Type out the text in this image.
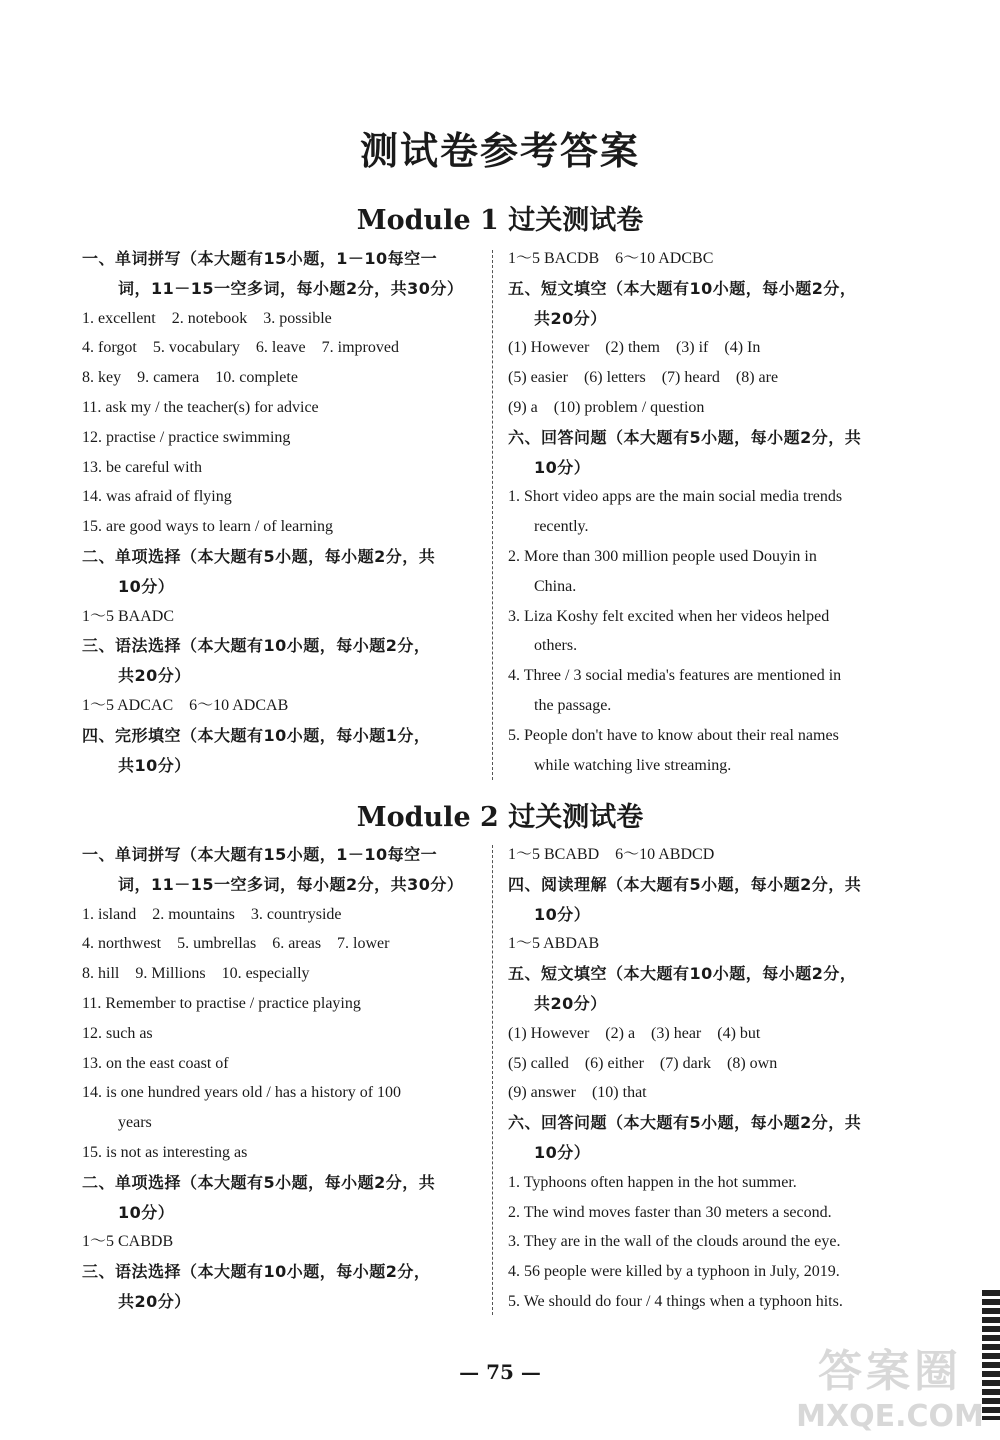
测试卷参考答案
Module 1 过关测试卷
一、单词拼写（本大题有15小题，1－10每空一
词，11－15一空多词，每小题2分，共30分）
1. excellent　2. notebook　3. possible
4. forgot　5. vocabulary　6. leave　7. improved
8. key　9. camera　10. complete
11. ask my / the teacher(s) for advice
12. practise / practice swimming
13. be careful with
14. was afraid of flying
15. are good ways to learn / of learning
二、单项选择（本大题有5小题，每小题2分，共
10分）
1～5 BAADC
三、语法选择（本大题有10小题，每小题2分，
共20分）
1～5 ADCAC　6～10 ADCAB
四、完形填空（本大题有10小题，每小题1分，
共10分）
1～5 BACDB　6～10 ADCBC
五、短文填空（本大题有10小题，每小题2分，
共20分）
(1) However　(2) them　(3) if　(4) In
(5) easier　(6) letters　(7) heard　(8) are
(9) a　(10) problem / question
六、回答问题（本大题有5小题，每小题2分，共
10分）
1. Short video apps are the main social media trends
recently.
2. More than 300 million people used Douyin in
China.
3. Liza Koshy felt excited when her videos helped
others.
4. Three / 3 social media's features are mentioned in
the passage.
5. People don't have to know about their real names
while watching live streaming.
Module 2 过关测试卷
一、单词拼写（本大题有15小题，1－10每空一
词，11－15一空多词，每小题2分，共30分）
1. island　2. mountains　3. countryside
4. northwest　5. umbrellas　6. areas　7. lower
8. hill　9. Millions　10. especially
11. Remember to practise / practice playing
12. such as
13. on the east coast of
14. is one hundred years old / has a history of 100
years
15. is not as interesting as
二、单项选择（本大题有5小题，每小题2分，共
10分）
1～5 CABDB
三、语法选择（本大题有10小题，每小题2分，
共20分）
1～5 BCABD　6～10 ABDCD
四、阅读理解（本大题有5小题，每小题2分，共
10分）
1～5 ABDAB
五、短文填空（本大题有10小题，每小题2分，
共20分）
(1) However　(2) a　(3) hear　(4) but
(5) called　(6) either　(7) dark　(8) own
(9) answer　(10) that
六、回答问题（本大题有5小题，每小题2分，共
10分）
1. Typhoons often happen in the hot summer.
2. The wind moves faster than 30 meters a second.
3. They are in the wall of the clouds around the eye.
4. 56 people were killed by a typhoon in July, 2019.
5. We should do four / 4 things when a typhoon hits.
— 75 —	答案圈
MXQE.COM
